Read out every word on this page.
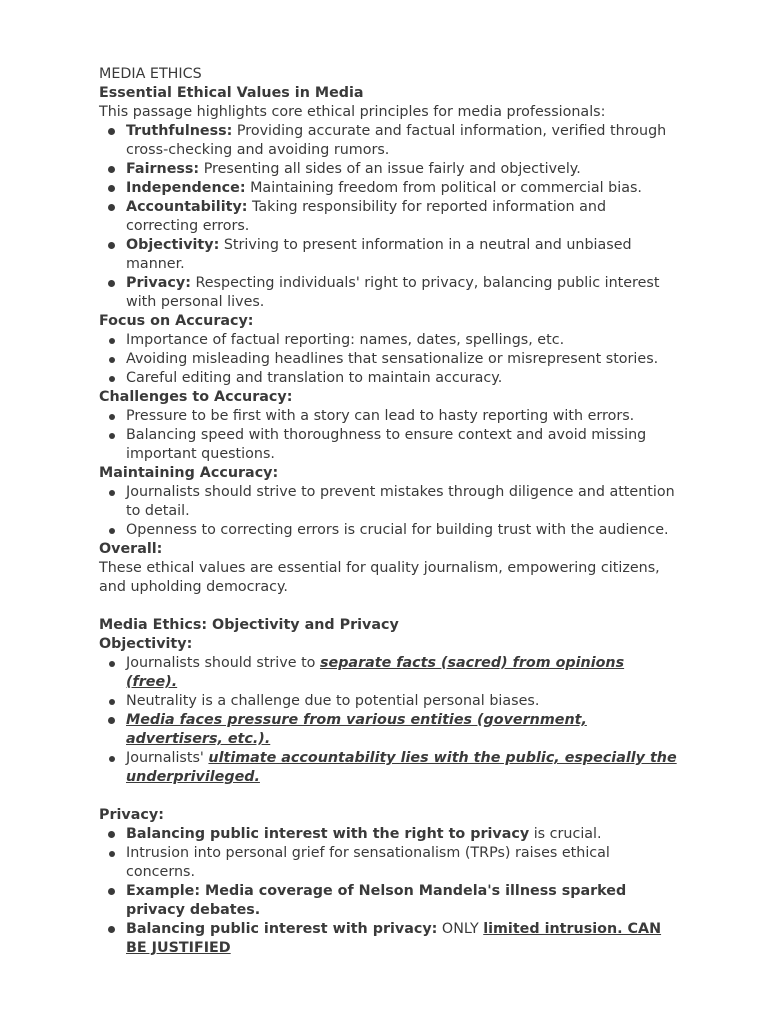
MEDIA ETHICS
Essential Ethical Values in Media
This passage highlights core ethical principles for media professionals:
Truthfulness: Providing accurate and factual information, verified through cross-checking and avoiding rumors.
Fairness: Presenting all sides of an issue fairly and objectively.
Independence: Maintaining freedom from political or commercial bias.
Accountability: Taking responsibility for reported information and correcting errors.
Objectivity: Striving to present information in a neutral and unbiased manner.
Privacy: Respecting individuals' right to privacy, balancing public interest with personal lives.
Focus on Accuracy:
Importance of factual reporting: names, dates, spellings, etc.
Avoiding misleading headlines that sensationalize or misrepresent stories.
Careful editing and translation to maintain accuracy.
Challenges to Accuracy:
Pressure to be first with a story can lead to hasty reporting with errors.
Balancing speed with thoroughness to ensure context and avoid missing important questions.
Maintaining Accuracy:
Journalists should strive to prevent mistakes through diligence and attention to detail.
Openness to correcting errors is crucial for building trust with the audience.
Overall:
These ethical values are essential for quality journalism, empowering citizens, and upholding democracy.
Media Ethics: Objectivity and Privacy
Objectivity:
Journalists should strive to separate facts (sacred) from opinions (free).
Neutrality is a challenge due to potential personal biases.
Media faces pressure from various entities (government, advertisers, etc.).
Journalists' ultimate accountability lies with the public, especially the underprivileged.
Privacy:
Balancing public interest with the right to privacy is crucial.
Intrusion into personal grief for sensationalism (TRPs) raises ethical concerns.
Example: Media coverage of Nelson Mandela's illness sparked privacy debates.
Balancing public interest with privacy: ONLY limited intrusion. CAN BE JUSTIFIED
